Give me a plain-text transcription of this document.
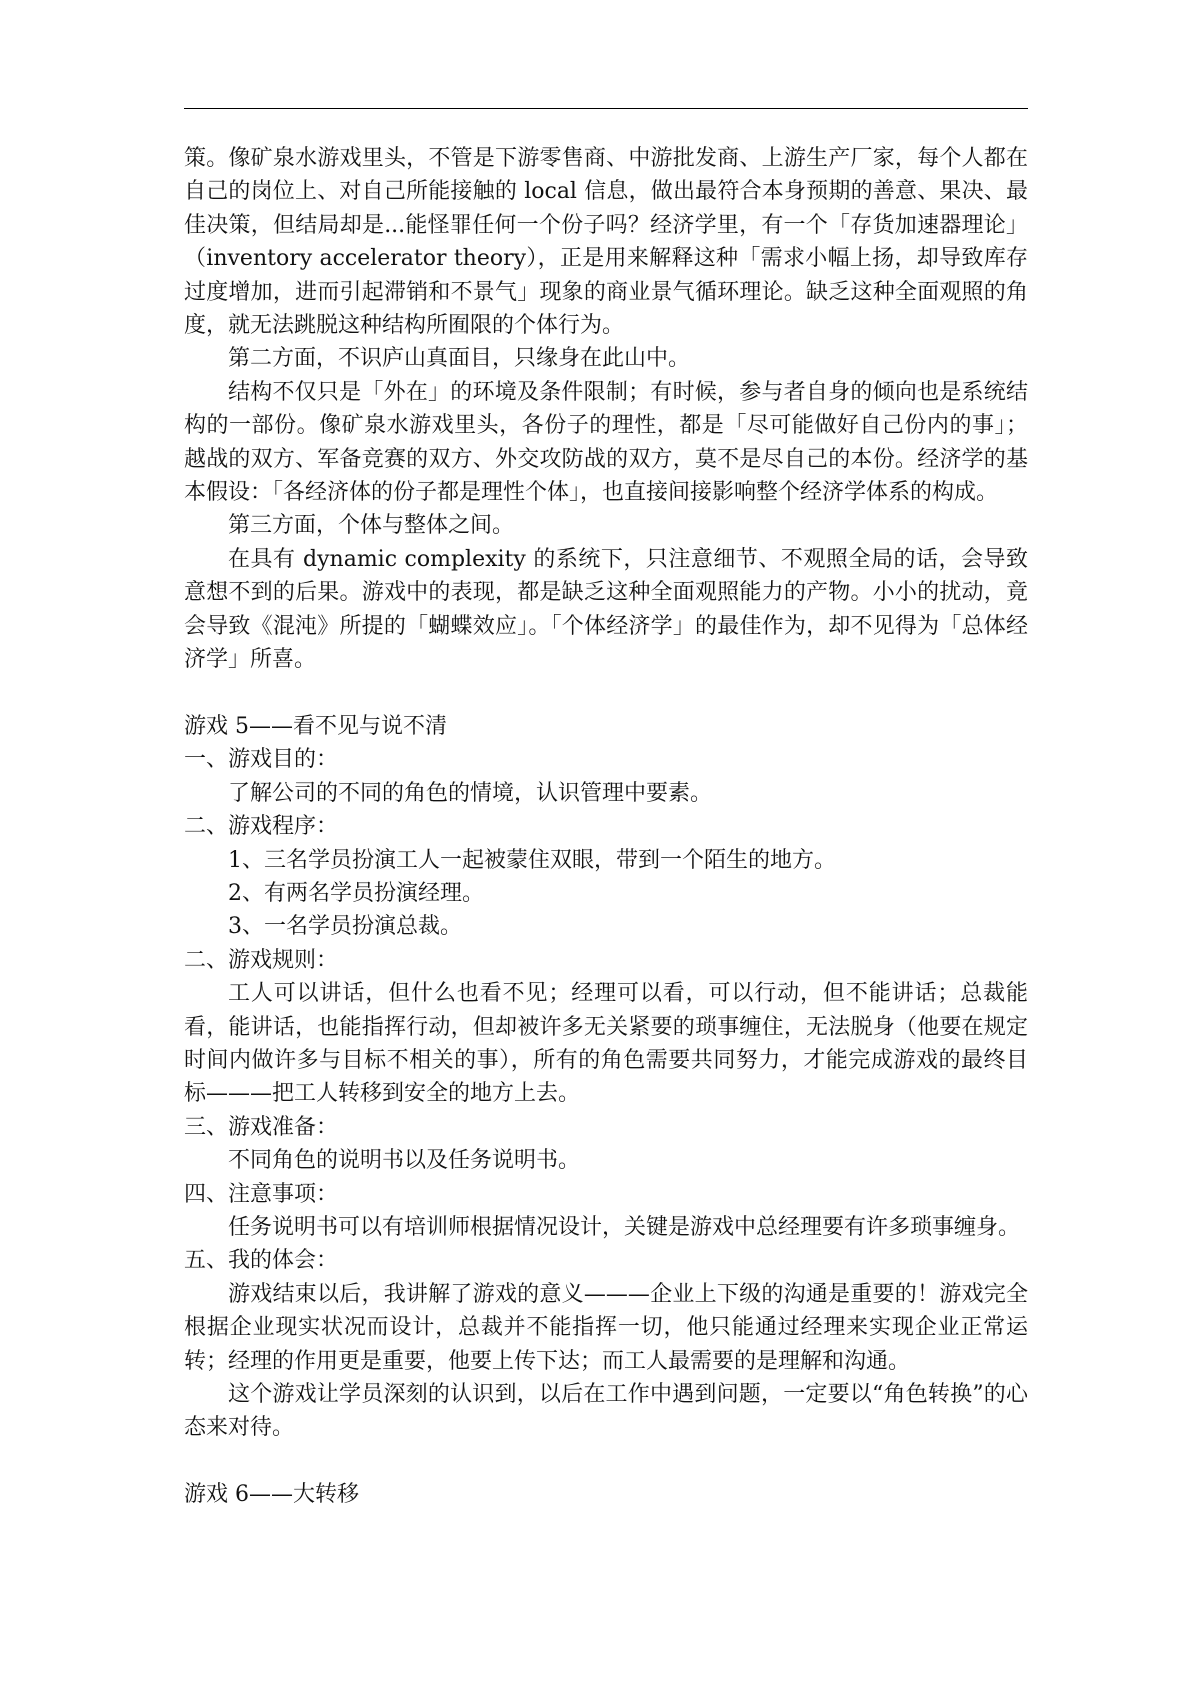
策。像矿泉水游戏里头，不管是下游零售商、中游批发商、上游生产厂家，每个人都在自己的岗位上、对自己所能接触的 local 信息，做出最符合本身预期的善意、果决、最佳决策，但结局却是...能怪罪任何一个份子吗？经济学里，有一个「存货加速器理论」（inventory accelerator theory），正是用来解释这种「需求小幅上扬，却导致库存过度增加，进而引起滞销和不景气」现象的商业景气循环理论。缺乏这种全面观照的角度，就无法跳脱这种结构所囿限的个体行为。

第二方面，不识庐山真面目，只缘身在此山中。

结构不仅只是「外在」的环境及条件限制；有时候，参与者自身的倾向也是系统结构的一部份。像矿泉水游戏里头，各份子的理性，都是「尽可能做好自己份内的事」；越战的双方、军备竞赛的双方、外交攻防战的双方，莫不是尽自己的本份。经济学的基本假设：「各经济体的份子都是理性个体」，也直接间接影响整个经济学体系的构成。

第三方面，个体与整体之间。

在具有 dynamic complexity 的系统下，只注意细节、不观照全局的话，会导致意想不到的后果。游戏中的表现，都是缺乏这种全面观照能力的产物。小小的扰动，竟会导致《混沌》所提的「蝴蝶效应」。「个体经济学」的最佳作为，却不见得为「总体经济学」所喜。

游戏 5——看不见与说不清

一、游戏目的：

了解公司的不同的角色的情境，认识管理中要素。

二、游戏程序：

1、三名学员扮演工人一起被蒙住双眼，带到一个陌生的地方。

2、有两名学员扮演经理。

3、一名学员扮演总裁。

二、游戏规则：

工人可以讲话，但什么也看不见；经理可以看，可以行动，但不能讲话；总裁能看，能讲话，也能指挥行动，但却被许多无关紧要的琐事缠住，无法脱身（他要在规定时间内做许多与目标不相关的事），所有的角色需要共同努力，才能完成游戏的最终目标———把工人转移到安全的地方上去。

三、游戏准备：

不同角色的说明书以及任务说明书。

四、注意事项：

任务说明书可以有培训师根据情况设计，关键是游戏中总经理要有许多琐事缠身。

五、我的体会：

游戏结束以后，我讲解了游戏的意义———企业上下级的沟通是重要的！游戏完全根据企业现实状况而设计，总裁并不能指挥一切，他只能通过经理来实现企业正常运转；经理的作用更是重要，他要上传下达；而工人最需要的是理解和沟通。

这个游戏让学员深刻的认识到，以后在工作中遇到问题，一定要以“角色转换”的心态来对待。

游戏 6——大转移
